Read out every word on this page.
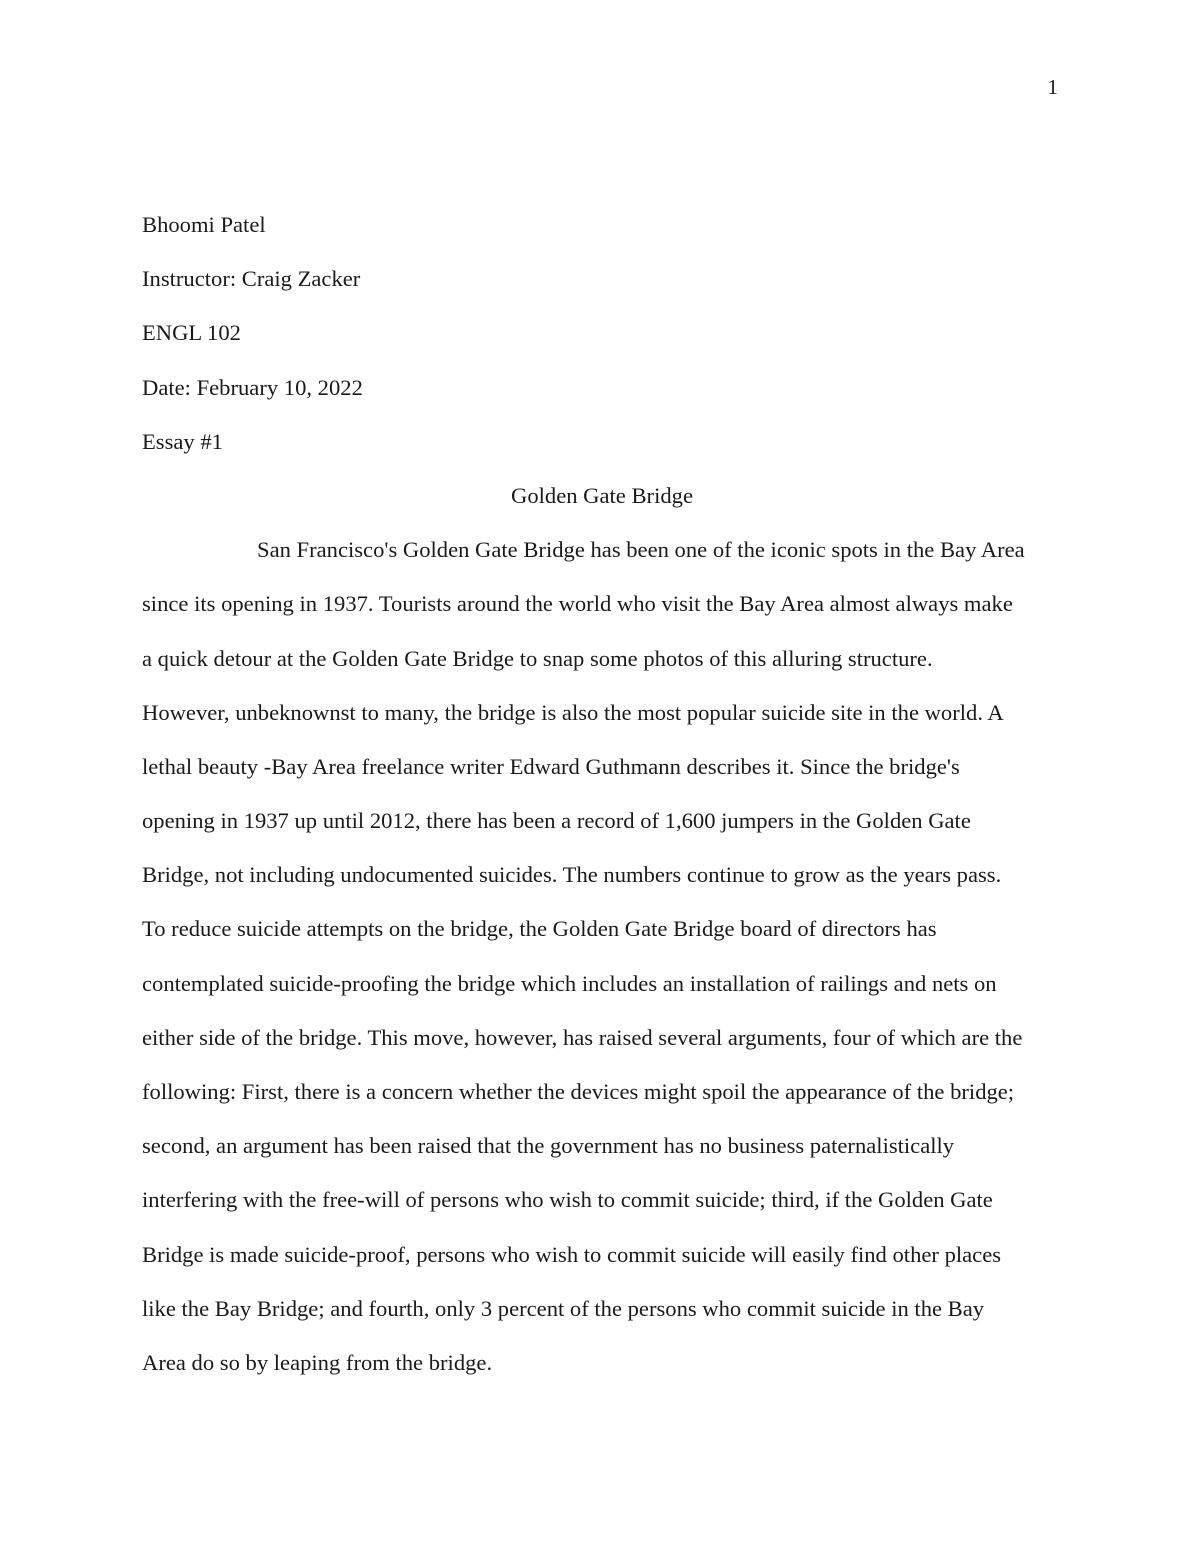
1
Bhoomi Patel
Instructor: Craig Zacker
ENGL 102
Date: February 10, 2022
Essay #1
Golden Gate Bridge
San Francisco's Golden Gate Bridge has been one of the iconic spots in the Bay Area
since its opening in 1937. Tourists around the world who visit the Bay Area almost always make
a quick detour at the Golden Gate Bridge to snap some photos of this alluring structure.
However, unbeknownst to many, the bridge is also the most popular suicide site in the world. A
lethal beauty -Bay Area freelance writer Edward Guthmann describes it. Since the bridge's
opening in 1937 up until 2012, there has been a record of 1,600 jumpers in the Golden Gate
Bridge, not including undocumented suicides. The numbers continue to grow as the years pass.
To reduce suicide attempts on the bridge, the Golden Gate Bridge board of directors has
contemplated suicide-proofing the bridge which includes an installation of railings and nets on
either side of the bridge. This move, however, has raised several arguments, four of which are the
following: First, there is a concern whether the devices might spoil the appearance of the bridge;
second, an argument has been raised that the government has no business paternalistically
interfering with the free-will of persons who wish to commit suicide; third, if the Golden Gate
Bridge is made suicide-proof, persons who wish to commit suicide will easily find other places
like the Bay Bridge; and fourth, only 3 percent of the persons who commit suicide in the Bay
Area do so by leaping from the bridge.
